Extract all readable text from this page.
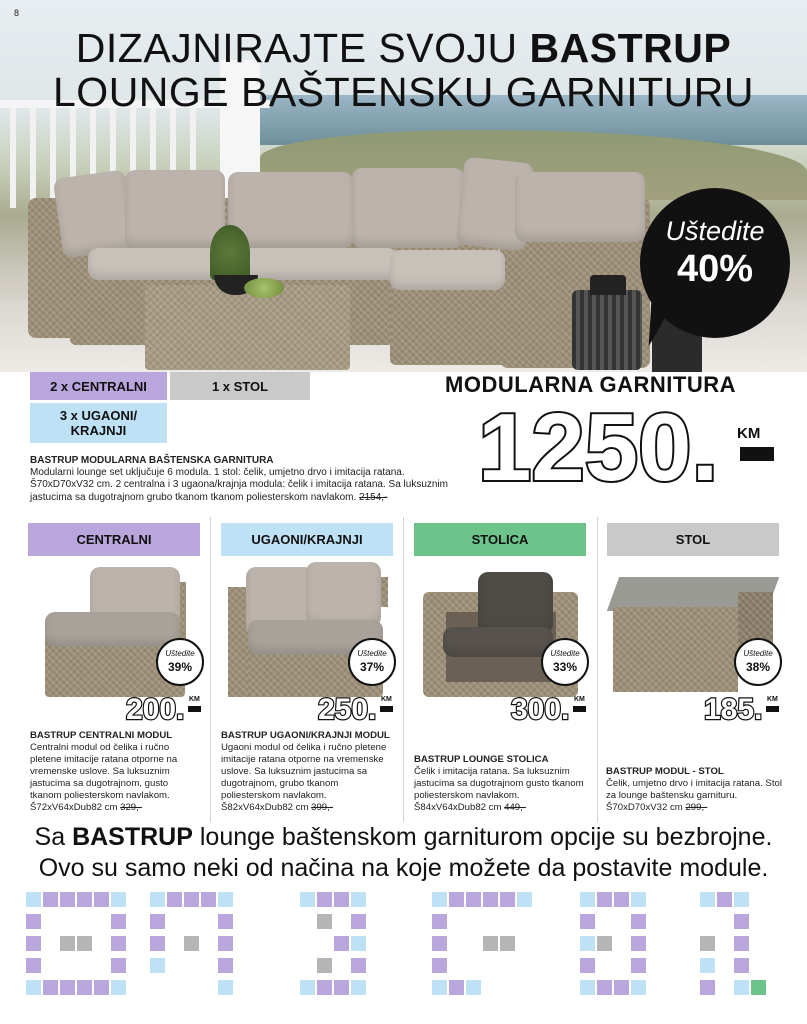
8
DIZAJNIRAJTE SVOJU BASTRUP
LOUNGE BAŠTENSKU GARNITURU
Uštedite
40%
2 x CENTRALNI	1 x STOL
3 x UGAONI/
KRAJNJI
MODULARNA GARNITURA
1250.	KM
BASTRUP MODULARNA BAŠTENSKA GARNITURA
Modularni lounge set uključuje 6 modula. 1 stol: čelik, umjetno drvo i imitacija ratana. Š70xD70xV32 cm. 2 centralna i 3 ugaona/krajnja modula: čelik i imitacija ratana. Sa luksuznim jastucima sa dugotrajnom grubo tkanom tkanom poliesterskom navlakom. 2154,-
CENTRALNI
Uštedite
39%
200. KM
BASTRUP CENTRALNI MODUL
Centralni modul od čelika i ručno pletene imitacije ratana otporne na vremenske uslove. Sa luksuznim jastucima sa dugotrajnom, gusto tkanom poliesterskom navlakom. Š72xV64xDub82 cm 329,-
UGAONI/KRAJNJI
Uštedite
37%
250. KM
BASTRUP UGAONI/KRAJNJI MODUL
Ugaoni modul od čelika i ručno pletene imitacije ratana otporne na vremenske uslove. Sa luksuznim jastucima sa dugotrajnom, grubo tkanom poliesterskom navlakom. Š82xV64xDub82 cm 399,-
STOLICA
Uštedite
33%
300. KM
BASTRUP LOUNGE STOLICA
Čelik i imitacija ratana. Sa luksuznim jastucima sa dugotrajnom gusto tkanom poliesterskom navlakom. Š84xV64xDub82 cm 449,-
STOL
Uštedite
38%
185. KM
BASTRUP MODUL - STOL
Čelik, umjetno drvo i imitacija ratana. Stol za lounge baštensku garnituru. Š70xD70xV32 cm 299,-
Sa BASTRUP lounge baštenskom garniturom opcije su bezbrojne.
Ovo su samo neki od načina na koje možete da postavite module.
